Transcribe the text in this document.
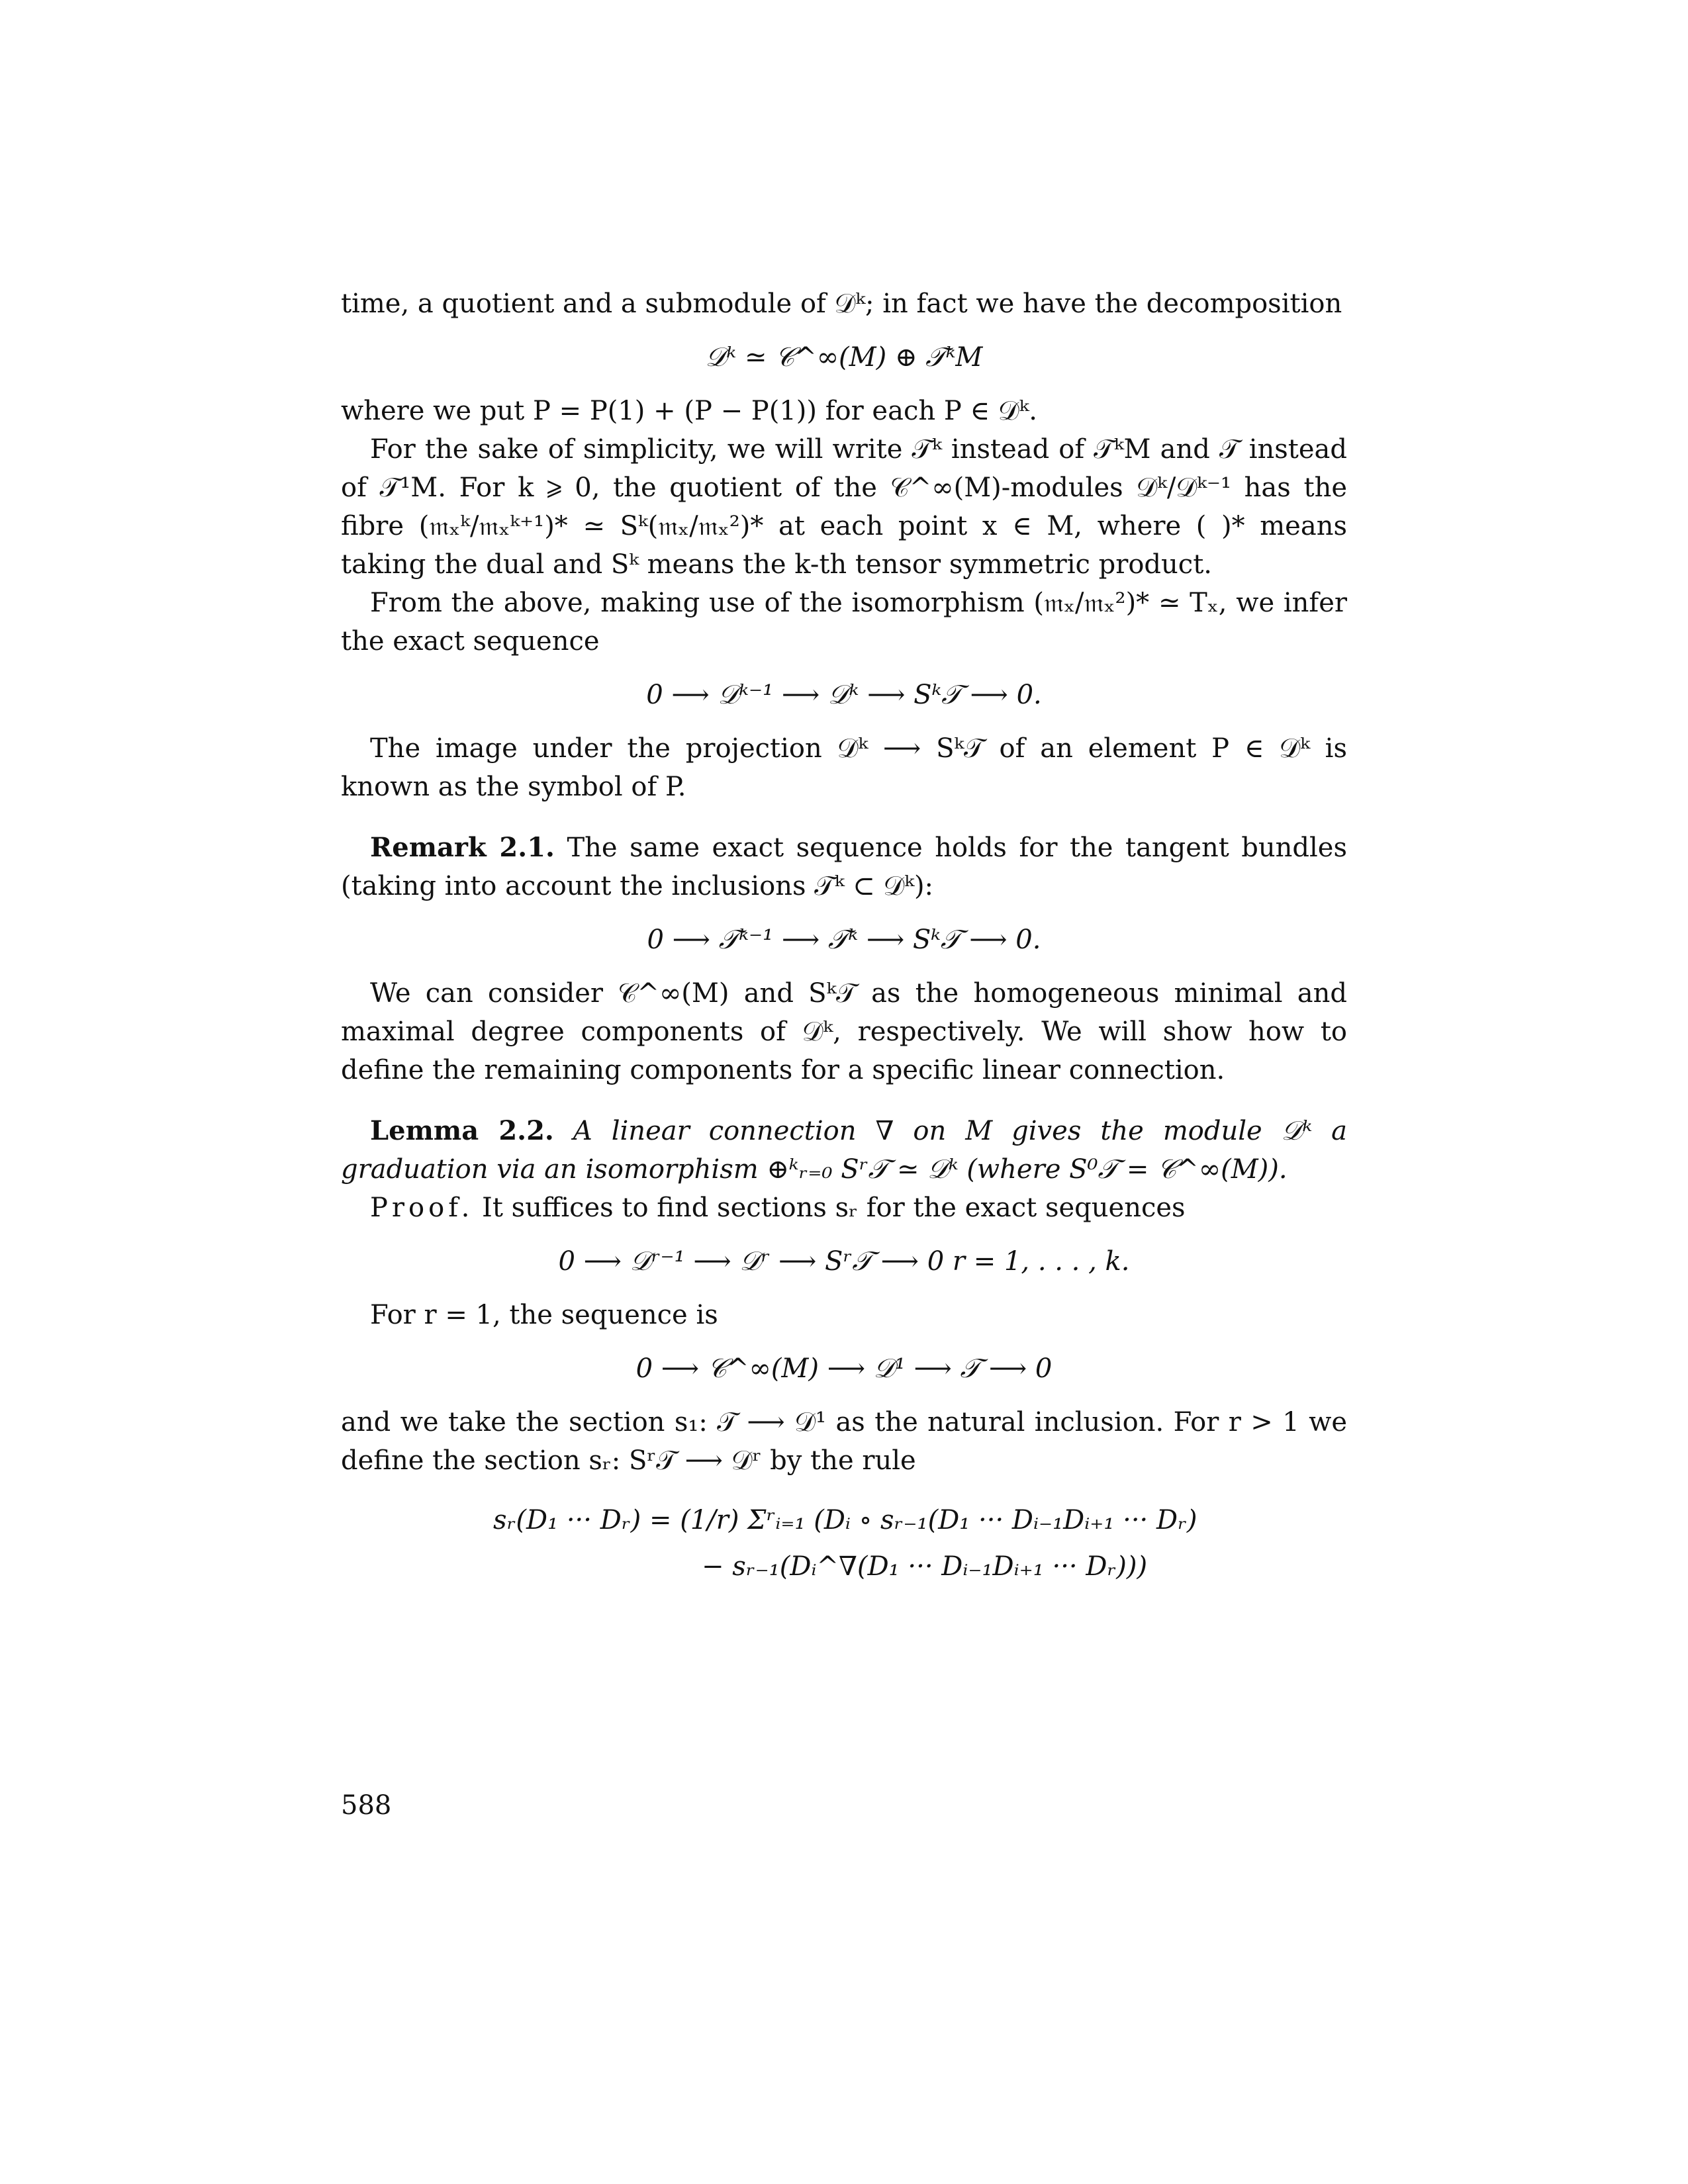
time, a quotient and a submodule of 𝒟ᵏ; in fact we have the decomposition

𝒟ᵏ ≃ 𝒞^∞(M) ⊕ 𝒯ᵏM

where we put P = P(1) + (P − P(1)) for each P ∈ 𝒟ᵏ.

For the sake of simplicity, we will write 𝒯ᵏ instead of 𝒯ᵏM and 𝒯 instead of 𝒯¹M. For k ⩾ 0, the quotient of the 𝒞^∞(M)-modules 𝒟ᵏ/𝒟ᵏ⁻¹ has the fibre (𝔪ₓᵏ/𝔪ₓᵏ⁺¹)* ≃ Sᵏ(𝔪ₓ/𝔪ₓ²)* at each point x ∈ M, where ( )* means taking the dual and Sᵏ means the k-th tensor symmetric product.

From the above, making use of the isomorphism (𝔪ₓ/𝔪ₓ²)* ≃ Tₓ, we infer the exact sequence

0 ⟶ 𝒟ᵏ⁻¹ ⟶ 𝒟ᵏ ⟶ Sᵏ𝒯 ⟶ 0.

The image under the projection 𝒟ᵏ ⟶ Sᵏ𝒯 of an element P ∈ 𝒟ᵏ is known as the symbol of P.

Remark 2.1. The same exact sequence holds for the tangent bundles (taking into account the inclusions 𝒯ᵏ ⊂ 𝒟ᵏ):

0 ⟶ 𝒯ᵏ⁻¹ ⟶ 𝒯ᵏ ⟶ Sᵏ𝒯 ⟶ 0.

We can consider 𝒞^∞(M) and Sᵏ𝒯 as the homogeneous minimal and maximal degree components of 𝒟ᵏ, respectively. We will show how to define the remaining components for a specific linear connection.

Lemma 2.2. A linear connection ∇ on M gives the module 𝒟ᵏ a graduation via an isomorphism ⊕ᵏᵣ₌₀ Sʳ𝒯 ≃ 𝒟ᵏ (where S⁰𝒯 = 𝒞^∞(M)).

Proof. It suffices to find sections sᵣ for the exact sequences

0 ⟶ 𝒟ʳ⁻¹ ⟶ 𝒟ʳ ⟶ Sʳ𝒯 ⟶ 0 r = 1, . . . , k.

For r = 1, the sequence is

0 ⟶ 𝒞^∞(M) ⟶ 𝒟¹ ⟶ 𝒯 ⟶ 0

and we take the section s₁: 𝒯 ⟶ 𝒟¹ as the natural inclusion. For r > 1 we define the section sᵣ: Sʳ𝒯 ⟶ 𝒟ʳ by the rule

sᵣ(D₁ ··· Dᵣ) = (1/r) Σʳᵢ₌₁ (Dᵢ ∘ sᵣ₋₁(D₁ ··· Dᵢ₋₁Dᵢ₊₁ ··· Dᵣ)
− sᵣ₋₁(Dᵢ^∇(D₁ ··· Dᵢ₋₁Dᵢ₊₁ ··· Dᵣ)))
588
